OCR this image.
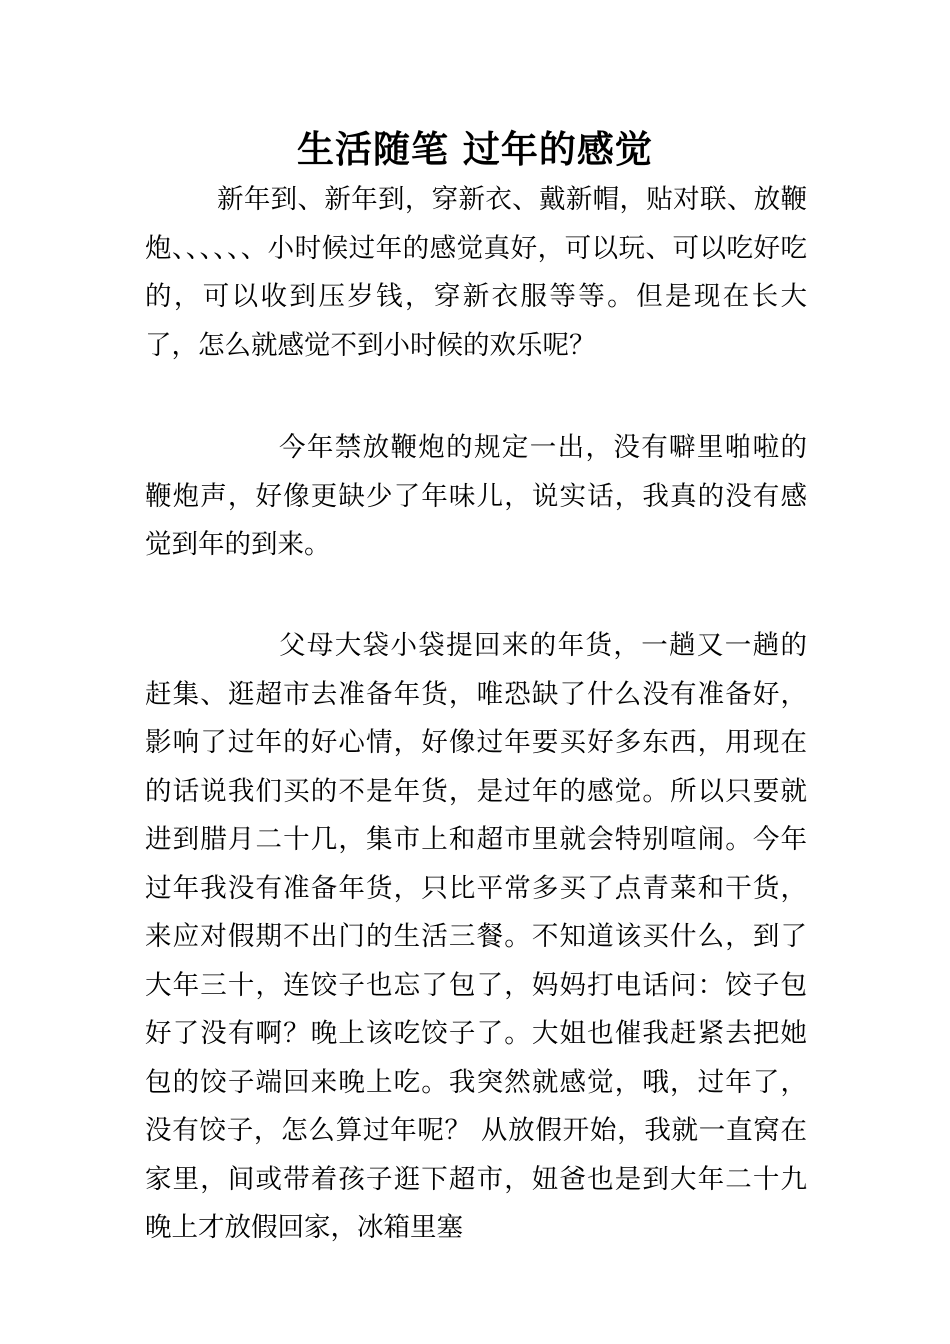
生活随笔 过年的感觉

新年到、新年到，穿新衣、戴新帽，贴对联、放鞭炮、、、、、、小时候过年的感觉真好，可以玩、可以吃好吃的，可以收到压岁钱，穿新衣服等等。但是现在长大了，怎么就感觉不到小时候的欢乐呢？

今年禁放鞭炮的规定一出，没有噼里啪啦的鞭炮声，好像更缺少了年味儿，说实话，我真的没有感觉到年的到来。

父母大袋小袋提回来的年货，一趟又一趟的赶集、逛超市去准备年货，唯恐缺了什么没有准备好，影响了过年的好心情，好像过年要买好多东西，用现在的话说我们买的不是年货，是过年的感觉。所以只要就进到腊月二十几，集市上和超市里就会特别喧闹。今年过年我没有准备年货，只比平常多买了点青菜和干货，来应对假期不出门的生活三餐。不知道该买什么，到了大年三十，连饺子也忘了包了，妈妈打电话问：饺子包好了没有啊？晚上该吃饺子了。大姐也催我赶紧去把她包的饺子端回来晚上吃。我突然就感觉，哦，过年了，没有饺子，怎么算过年呢？ 从放假开始，我就一直窝在家里，间或带着孩子逛下超市，妞爸也是到大年二十九晚上才放假回家，冰箱里塞
